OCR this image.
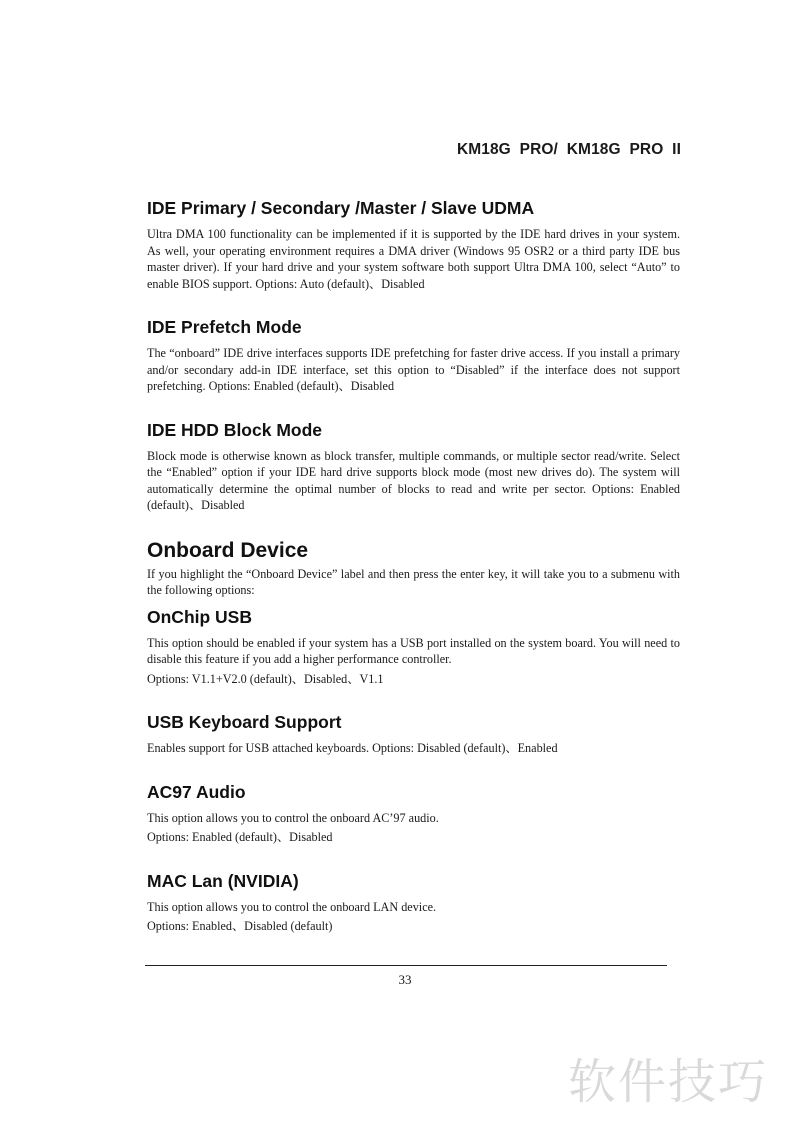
KM18G  PRO/  KM18G  PRO  II
IDE Primary / Secondary /Master / Slave UDMA

Ultra DMA 100 functionality can be implemented if it is supported by the IDE hard drives in your system. As well, your operating environment requires a DMA driver (Windows 95 OSR2 or a third party IDE bus master driver). If your hard drive and your system software both support Ultra DMA 100, select “Auto” to enable BIOS support. Options: Auto (default)、Disabled

IDE Prefetch Mode

The “onboard” IDE drive interfaces supports IDE prefetching for faster drive access. If you install a primary and/or secondary add-in IDE interface, set this option to “Disabled” if the interface does not support prefetching. Options: Enabled (default)、Disabled

IDE HDD Block Mode

Block mode is otherwise known as block transfer, multiple commands, or multiple sector read/write. Select the “Enabled” option if your IDE hard drive supports block mode (most new drives do). The system will automatically determine the optimal number of blocks to read and write per sector. Options: Enabled (default)、Disabled

Onboard Device

If you highlight the “Onboard Device” label and then press the enter key, it will take you to a submenu with the following options:

OnChip USB

This option should be enabled if your system has a USB port installed on the system board. You will need to disable this feature if you add a higher performance controller.

Options: V1.1+V2.0 (default)、Disabled、V1.1

USB Keyboard Support

Enables support for USB attached keyboards. Options: Disabled (default)、Enabled

AC97 Audio

This option allows you to control the onboard AC’97 audio.

Options: Enabled (default)、Disabled

MAC Lan (NVIDIA)

This option allows you to control the onboard LAN device.

Options: Enabled、Disabled (default)

33
软件技巧
